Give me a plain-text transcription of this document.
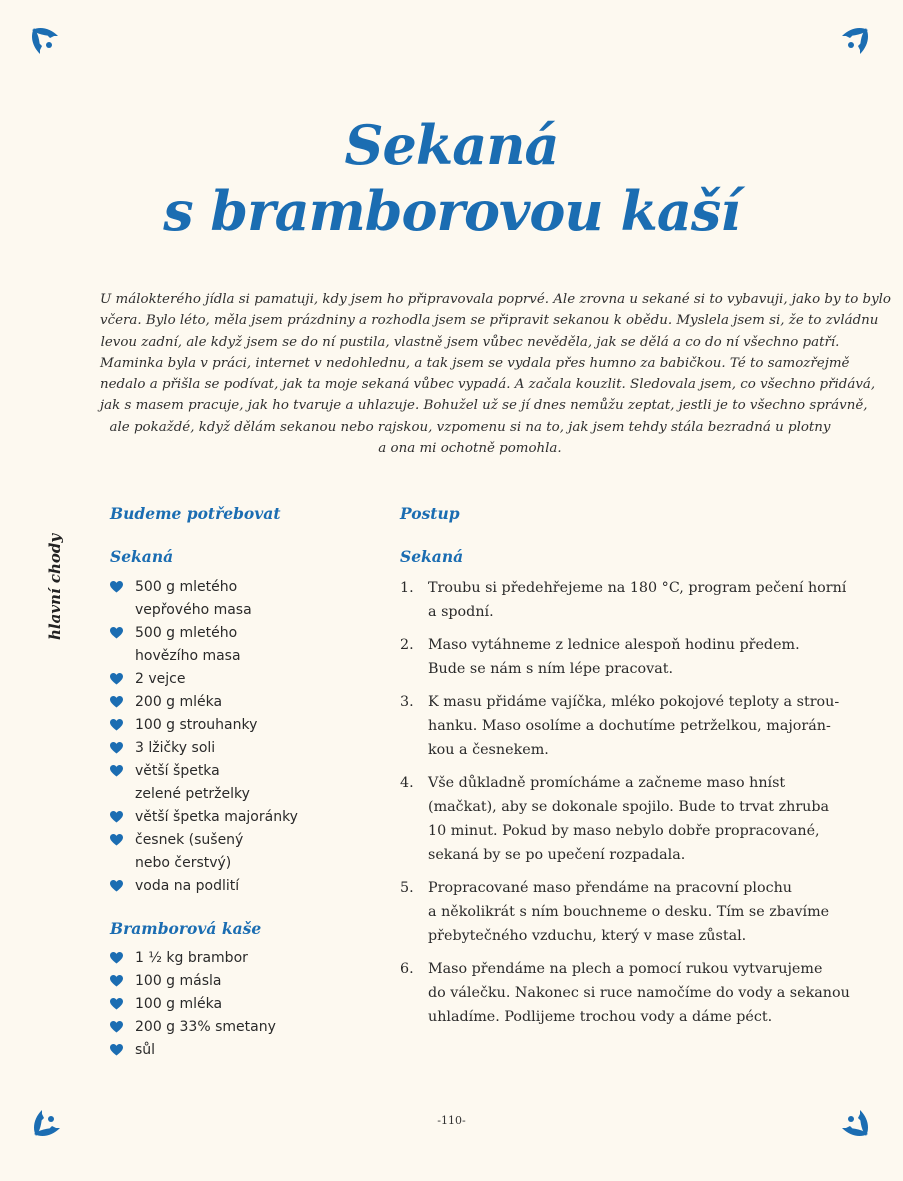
Sekaná
s bramborovou kaší
U málokterého jídla si pamatuji, kdy jsem ho připravovala poprvé. Ale zrovna u sekané si to vybavuji, jako by to bylo
včera. Bylo léto, měla jsem prázdniny a rozhodla jsem se připravit sekanou k obědu. Myslela jsem si, že to zvládnu
levou zadní, ale když jsem se do ní pustila, vlastně jsem vůbec nevěděla, jak se dělá a co do ní všechno patří.
Maminka byla v práci, internet v nedohlednu, a tak jsem se vydala přes humno za babičkou. Té to samozřejmě
nedalo a přišla se podívat, jak ta moje sekaná vůbec vypadá. A začala kouzlit. Sledovala jsem, co všechno přidává,
jak s masem pracuje, jak ho tvaruje a uhlazuje. Bohužel už se jí dnes nemůžu zeptat, jestli je to všechno správně,
ale pokaždé, když dělám sekanou nebo rajskou, vzpomenu si na to, jak jsem tehdy stála bezradná u plotny
a ona mi ochotně pomohla.
hlavní chody
Budeme potřebovat
Sekaná
500 g mletého
vepřového masa
500 g mletého
hovězího masa
2 vejce
200 g mléka
100 g strouhanky
3 lžičky soli
větší špetka
zelené petrželky
větší špetka majoránky
česnek (sušený
nebo čerstvý)
voda na podlití
Bramborová kaše
1 ½ kg brambor
100 g másla
100 g mléka
200 g 33% smetany
sůl
Postup
Sekaná
1. Troubu si předehřejeme na 180 °C, program pečení horní
a spodní.
2. Maso vytáhneme z lednice alespoň hodinu předem.
Bude se nám s ním lépe pracovat.
3. K masu přidáme vajíčka, mléko pokojové teploty a strou-
hanku. Maso osolíme a dochutíme petrželkou, majorán-
kou a česnekem.
4. Vše důkladně promícháme a začneme maso hníst
(mačkat), aby se dokonale spojilo. Bude to trvat zhruba
10 minut. Pokud by maso nebylo dobře propracované,
sekaná by se po upečení rozpadala.
5. Propracované maso přendáme na pracovní plochu
a několikrát s ním bouchneme o desku. Tím se zbavíme
přebytečného vzduchu, který v mase zůstal.
6. Maso přendáme na plech a pomocí rukou vytvarujeme
do válečku. Nakonec si ruce namočíme do vody a sekanou
uhladíme. Podlijeme trochou vody a dáme péct.
-110-
